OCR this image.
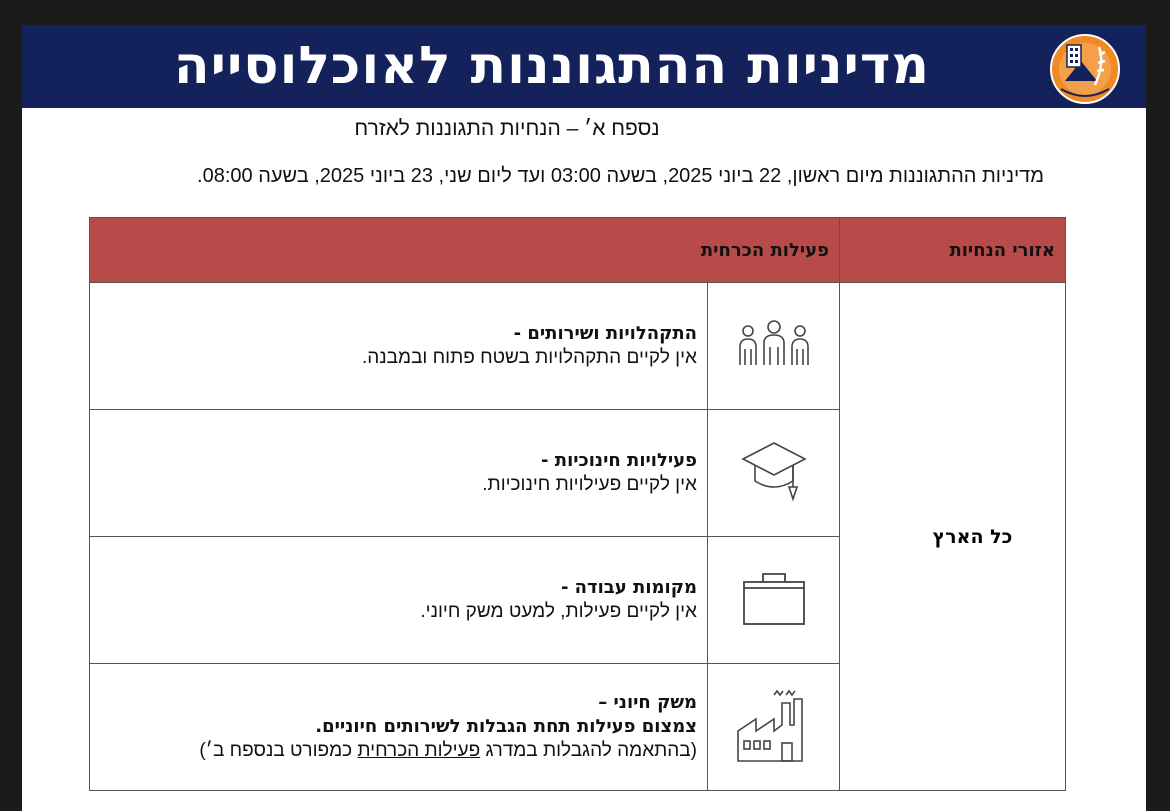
מדיניות ההתגוננות לאוכלוסייה
נספח א׳ – הנחיות התגוננות לאזרח
מדיניות ההתגוננות מיום ראשון, 22 ביוני 2025, בשעה 03:00 ועד ליום שני, 23 ביוני 2025, בשעה 08:00.
פעילות הכרחית		אזורי הנחיות

התקהלויות ושירותים -
אין לקיים התקהלויות בשטח פתוח ובמבנה.		כל הארץ

פעילויות חינוכיות -
אין לקיים פעילויות חינוכיות.

מקומות עבודה -
אין לקיים פעילות, למעט משק חיוני.

משק חיוני –
צמצום פעילות תחת הגבלות לשירותים חיוניים.
(בהתאמה להגבלות במדרג פעילות הכרחית כמפורט בנספח ב׳)
